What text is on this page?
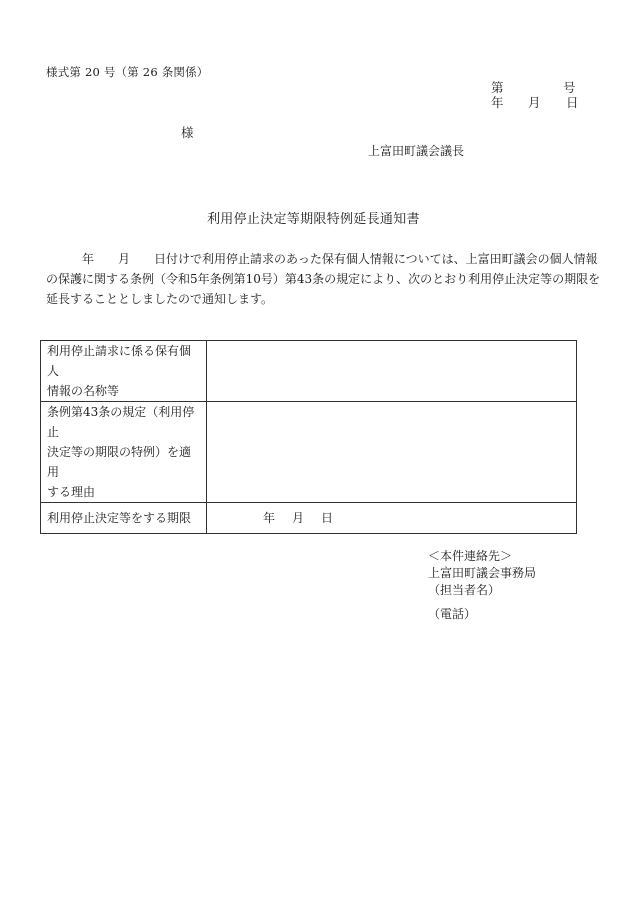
様式第 20 号（第 26 条関係）
第	号
年 月 日
様
上富田町議会議長
利用停止決定等期限特例延長通知書
年　　月　　日付けで利用停止請求のあった保有個人情報については、上富田町議会の個人情報
の保護に関する条例（令和5年条例第10号）第43条の規定により、次のとおり利用停止決定等の期限を
延長することとしましたので通知します。
利用停止請求に係る保有個人
情報の名称等	

条例第43条の規定（利用停止
決定等の期限の特例）を適用
する理由	

利用停止決定等をする期限	年 月 日
＜本件連絡先＞
上富田町議会事務局
（担当者名）
（電話）
